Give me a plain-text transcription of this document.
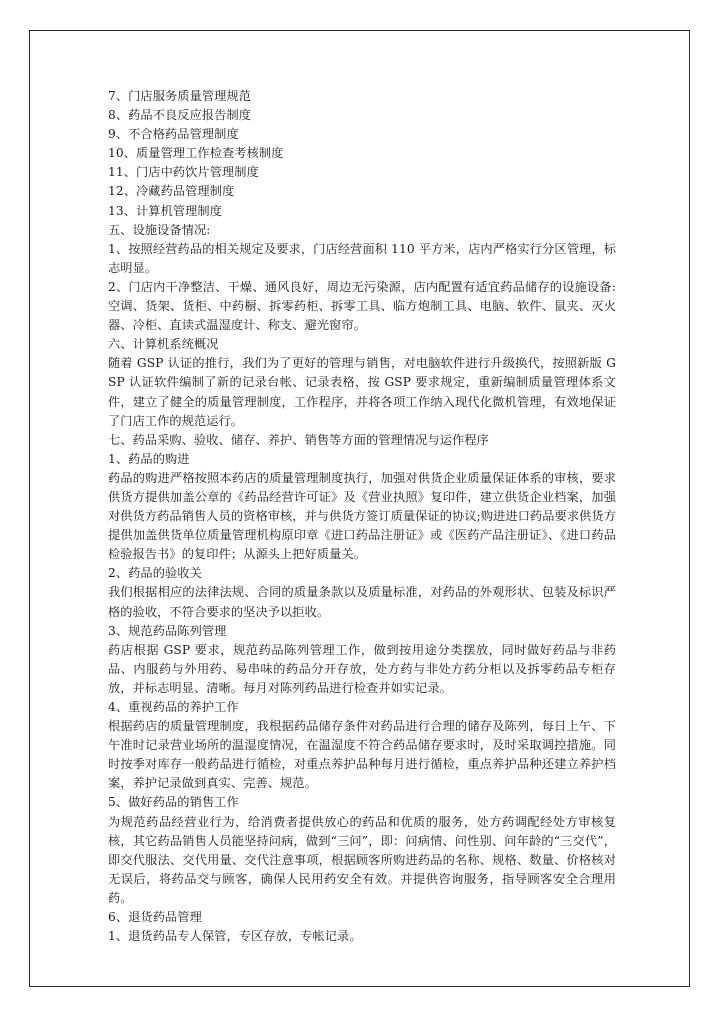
7、门店服务质量管理规范

8、药品不良反应报告制度

9、不合格药品管理制度

10、质量管理工作检查考核制度

11、门店中药饮片管理制度

12、冷藏药品管理制度

13、计算机管理制度

五、设施设备情况:

1、按照经营药品的相关规定及要求，门店经营面积 110 平方米，店内严格实行分区管理，标志明显。

2、门店内干净整洁、干燥、通风良好，周边无污染源，店内配置有适宜药品储存的设施设备:空调、货架、货柜、中药橱、拆零药柜、拆零工具、临方炮制工具、电脑、软件、鼠夹、灭火器、冷柜、直读式温湿度计、称支、避光窗帘。

六、计算机系统概况

随着 GSP 认证的推行，我们为了更好的管理与销售，对电脑软件进行升级换代，按照新版 GSP 认证软件编制了新的记录台帐、记录表格，按 GSP 要求规定，重新编制质量管理体系文件，建立了健全的质量管理制度，工作程序，并将各项工作纳入现代化微机管理，有效地保证了门店工作的规范运行。

七、药品采购、验收、储存、养护、销售等方面的管理情况与运作程序

1、药品的购进

药品的购进严格按照本药店的质量管理制度执行，加强对供货企业质量保证体系的审核，要求供货方提供加盖公章的《药品经营许可证》及《营业执照》复印件，建立供货企业档案，加强对供货方药品销售人员的资格审核，并与供货方签订质量保证的协议;购进进口药品要求供货方提供加盖供货单位质量管理机构原印章《进口药品注册证》或《医药产品注册证》、《进口药品检验报告书》的复印件；从源头上把好质量关。

2、药品的验收关

我们根据相应的法律法规、合同的质量条款以及质量标准，对药品的外观形状、包装及标识严格的验收，不符合要求的坚决予以拒收。

3、规范药品陈列管理

药店根据 GSP 要求，规范药品陈列管理工作，做到按用途分类摆放，同时做好药品与非药品、内服药与外用药、易串味的药品分开存放，处方药与非处方药分柜以及拆零药品专柜存放，并标志明显、清晰。每月对陈列药品进行检查并如实记录。

4、重视药品的养护工作

根据药店的质量管理制度，我根据药品储存条件对药品进行合理的储存及陈列，每日上午、下午准时记录营业场所的温湿度情况，在温湿度不符合药品储存要求时，及时采取调控措施。同时按季对库存一般药品进行循检，对重点养护品种每月进行循检，重点养护品种还建立养护档案，养护记录做到真实、完善、规范。

5、做好药品的销售工作

为规范药品经营业行为，给消费者提供放心的药品和优质的服务，处方药调配经处方审核复核，其它药品销售人员能坚持问病，做到“三问”，即：问病情、问性别、问年龄的“三交代”，即交代服法、交代用量、交代注意事项，根据顾客所购进药品的名称、规格、数量、价格核对无误后，将药品交与顾客，确保人民用药安全有效。并提供咨询服务，指导顾客安全合理用药。

6、退货药品管理

1、退货药品专人保管，专区存放，专帐记录。
